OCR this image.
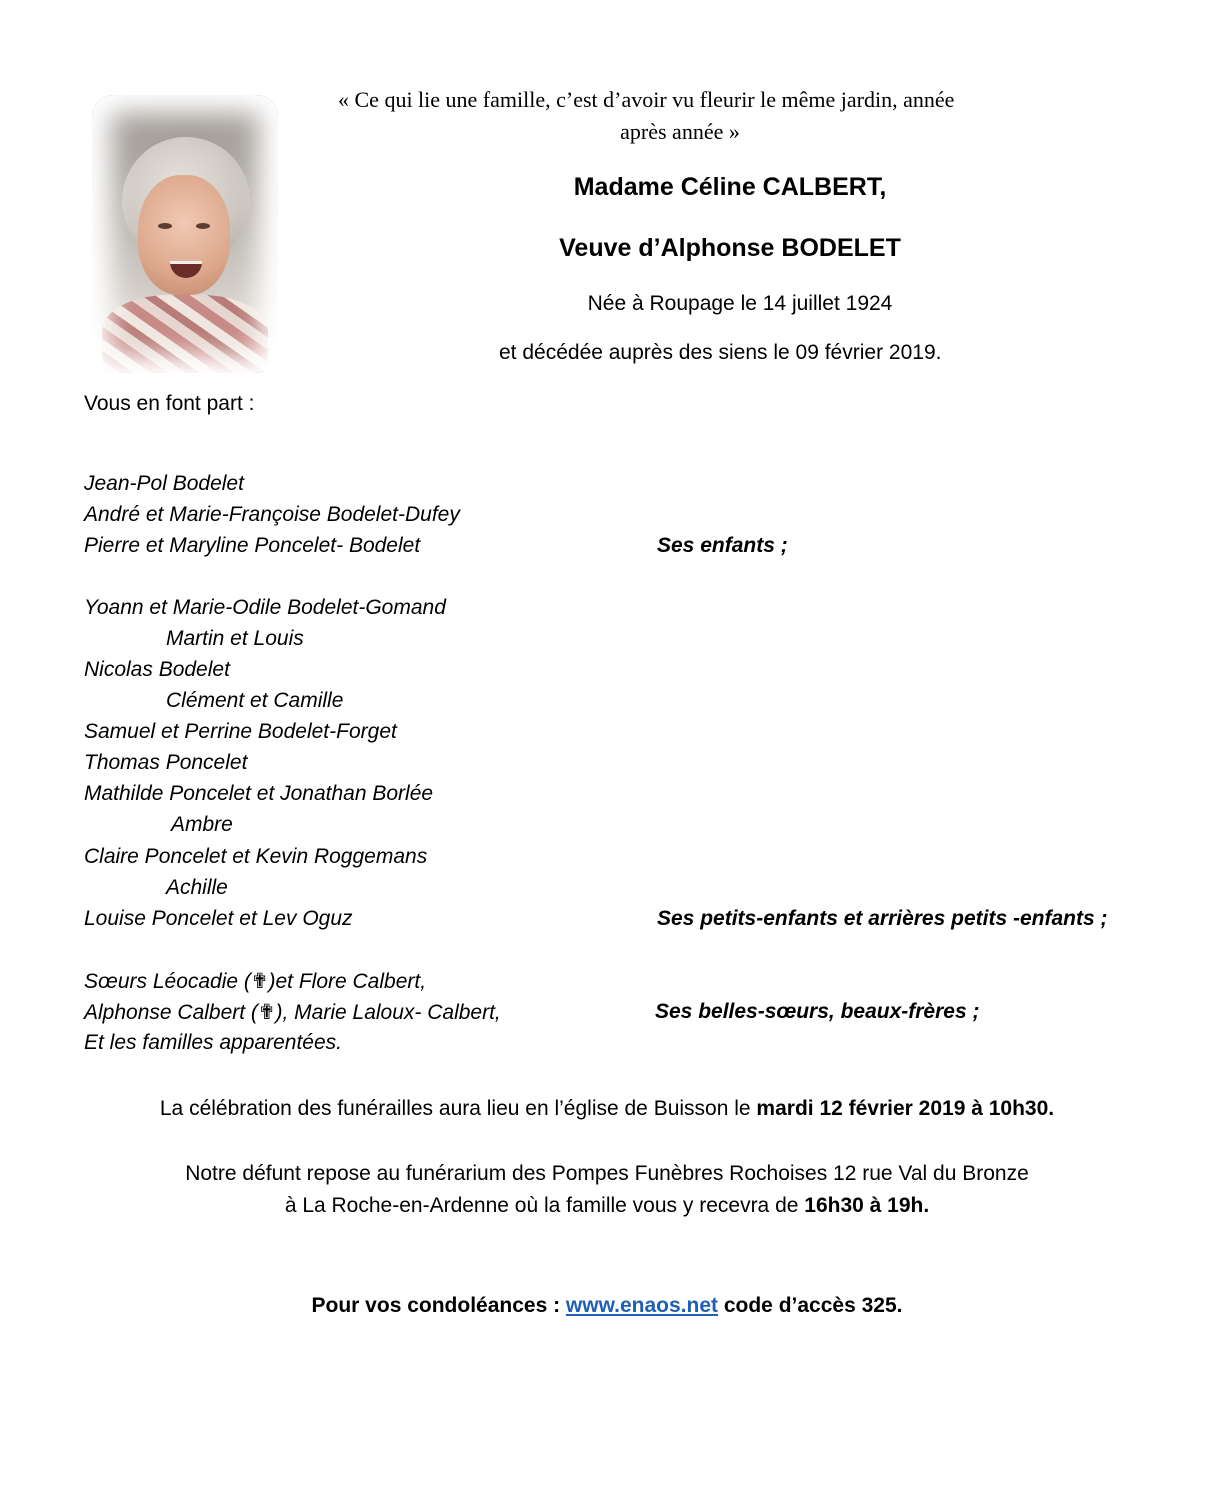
« Ce qui lie une famille, c’est d’avoir vu fleurir le même jardin, année
après année »
Madame Céline CALBERT,
Veuve d’Alphonse BODELET
Née à Roupage le 14 juillet 1924
et décédée auprès des siens le 09 février 2019.
Vous en font part :
Jean-Pol Bodelet
André et Marie-Françoise Bodelet-Dufey
Pierre et Maryline Poncelet- Bodelet	Ses enfants ;
Yoann et Marie-Odile Bodelet-Gomand
Martin et Louis
Nicolas Bodelet
Clément et Camille
Samuel et Perrine Bodelet-Forget
Thomas Poncelet
Mathilde Poncelet et Jonathan Borlée
Ambre
Claire Poncelet et Kevin Roggemans
Achille
Louise Poncelet et Lev Oguz	Ses petits-enfants et arrières petits -enfants ;
Sœurs Léocadie (✟)et Flore Calbert,
Alphonse Calbert (✟), Marie Laloux- Calbert,	Ses belles-sœurs, beaux-frères ;
Et les familles apparentées.
La célébration des funérailles aura lieu en l’église de Buisson le mardi 12 février 2019 à 10h30.
Notre défunt repose au funérarium des Pompes Funèbres Rochoises 12 rue Val du Bronze
à La Roche-en-Ardenne où la famille vous y recevra de 16h30 à 19h.
Pour vos condoléances : www.enaos.net code d’accès 325.
